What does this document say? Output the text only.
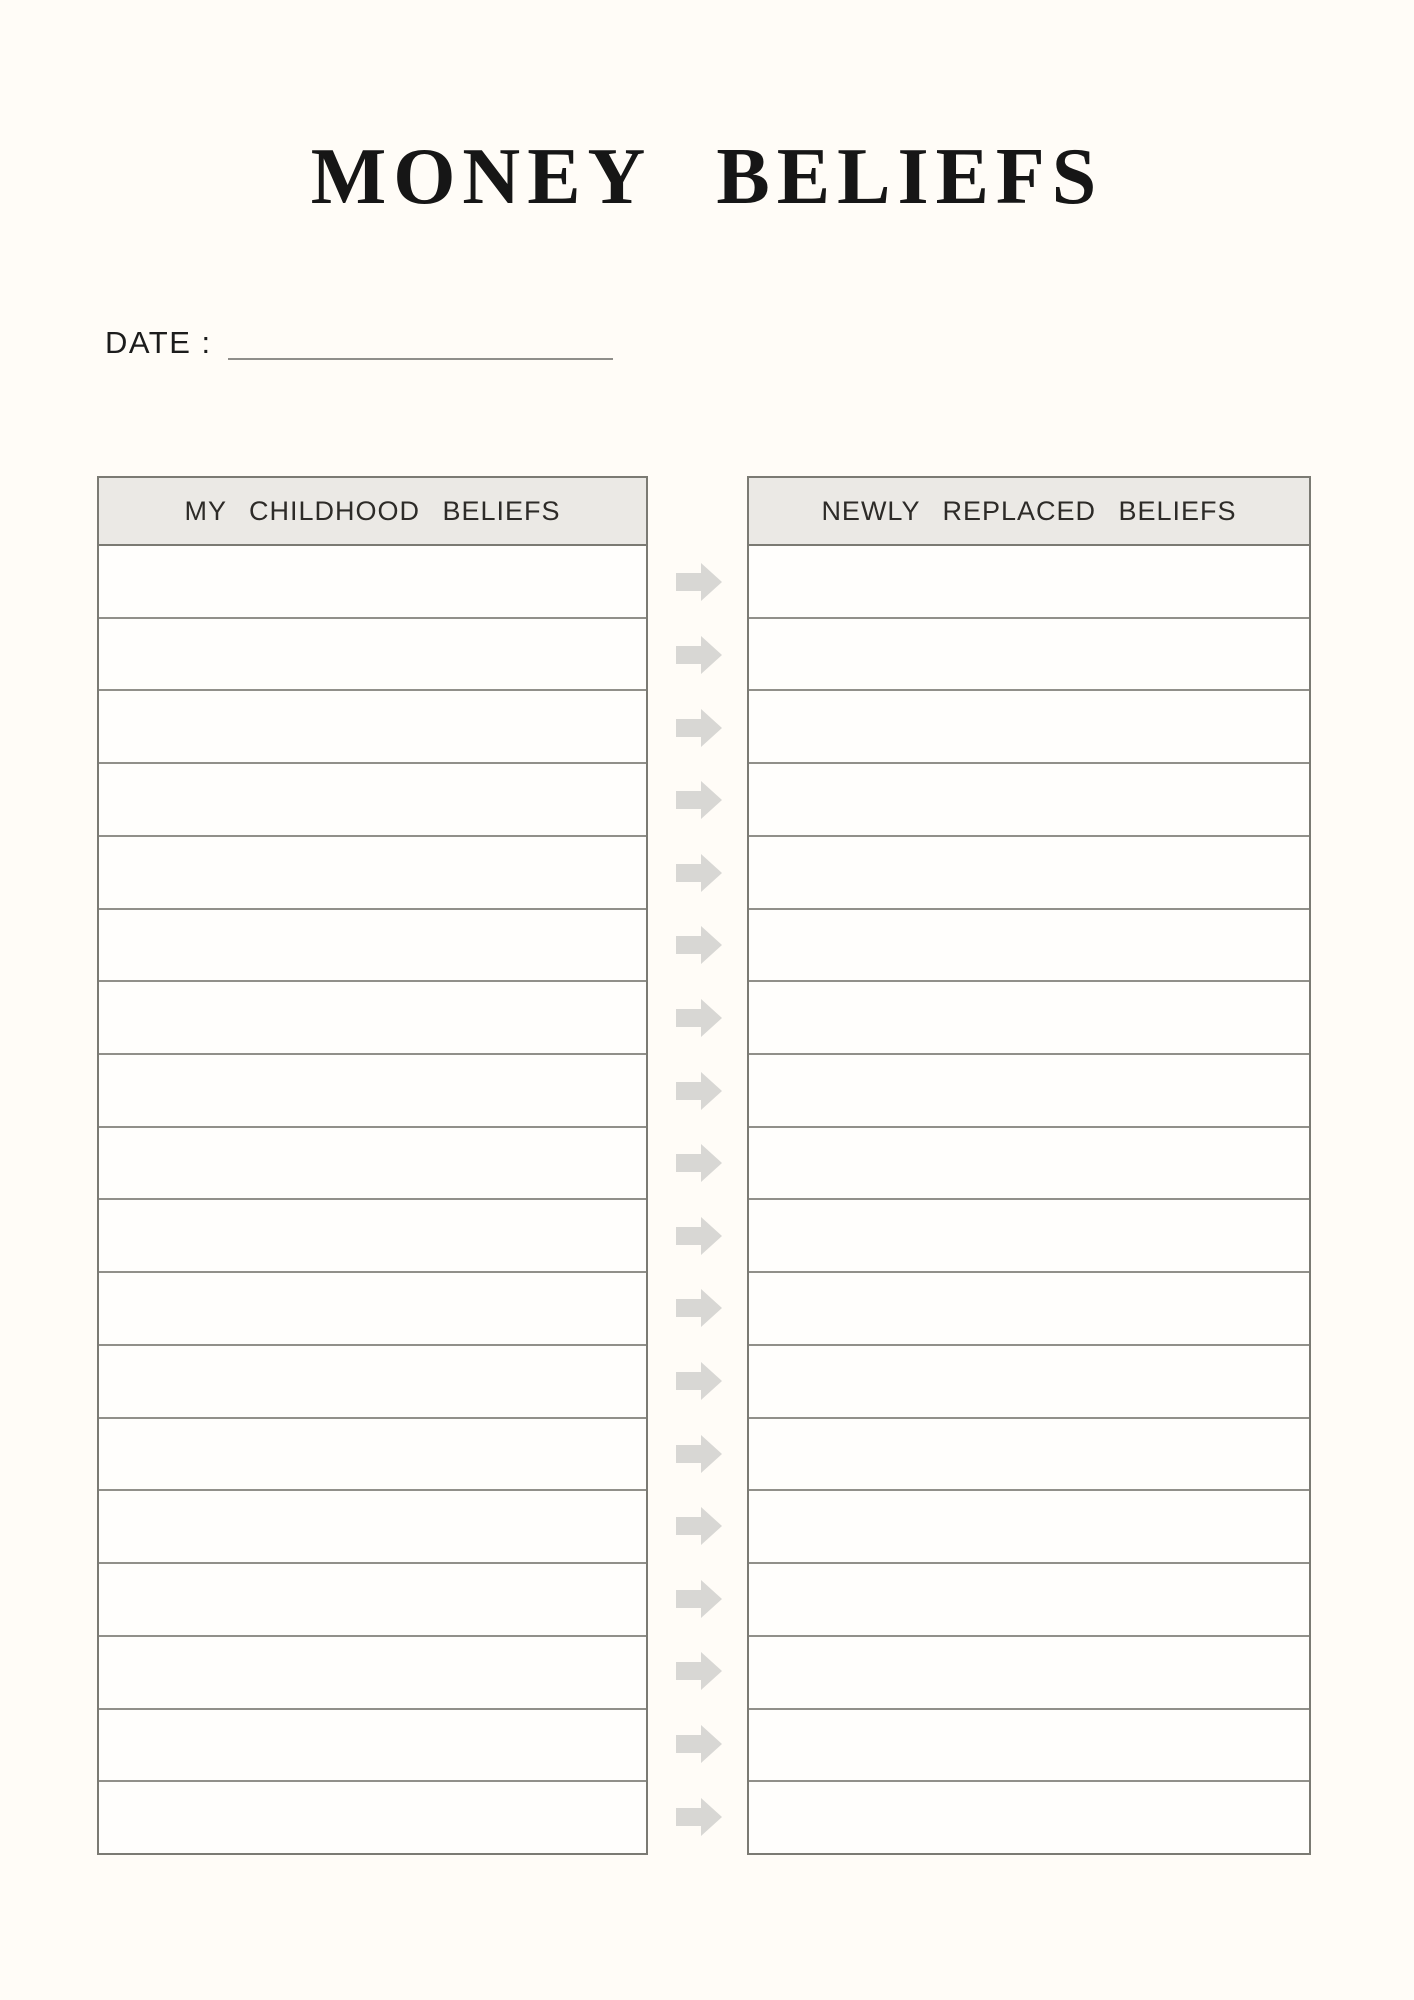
MONEY BELIEFS
DATE :
MY CHILDHOOD BELIEFS	NEWLY REPLACED BELIEFS
